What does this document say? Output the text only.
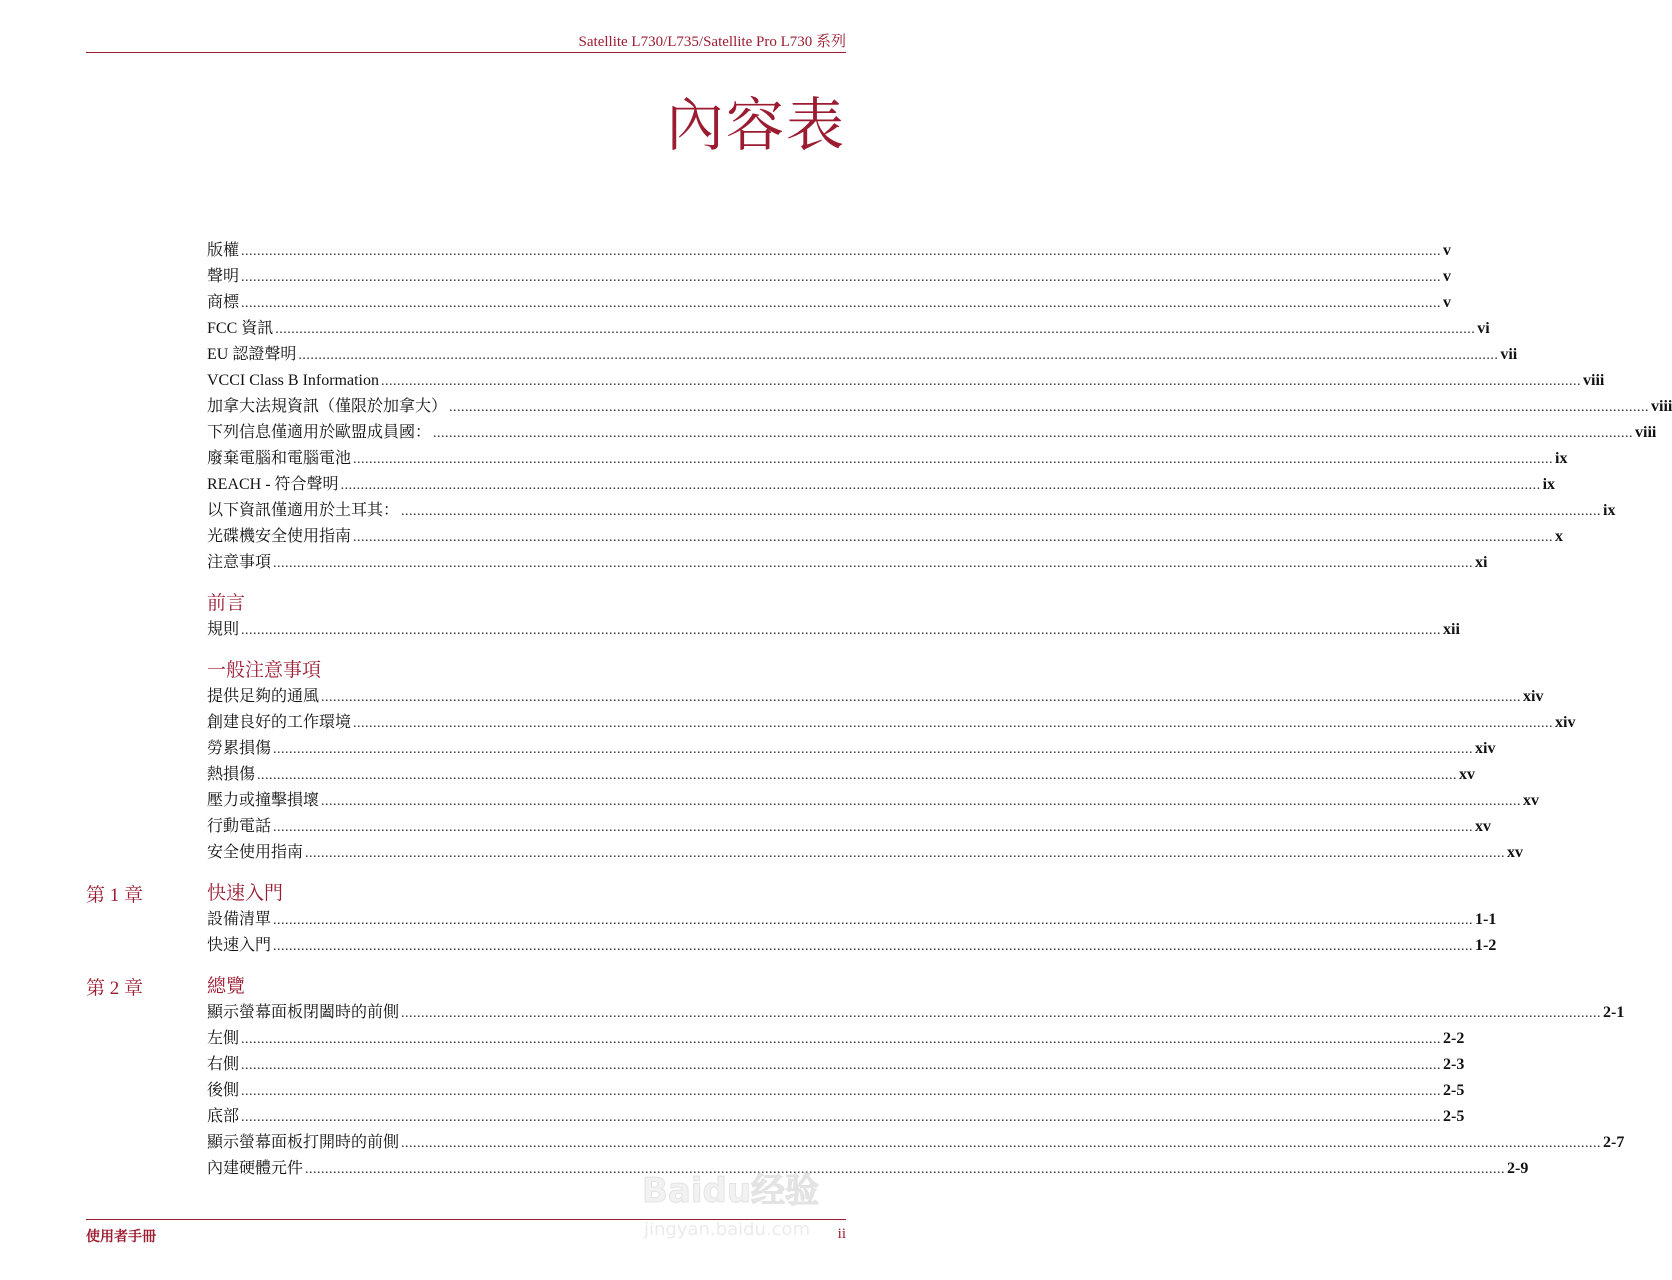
Satellite L730/L735/Satellite Pro L730 系列
內容表
版權 ............................................................................................................................................................................................................................................................................................................ v
聲明 ............................................................................................................................................................................................................................................................................................................ v
商標 ............................................................................................................................................................................................................................................................................................................ v
FCC 資訊 ............................................................................................................................................................................................................................................................................................................ vi
EU 認證聲明 ............................................................................................................................................................................................................................................................................................................ vii
VCCI Class B Information ............................................................................................................................................................................................................................................................................................................ viii
加拿大法規資訊（僅限於加拿大） ............................................................................................................................................................................................................................................................................................................ viii
下列信息僅適用於歐盟成員國： ............................................................................................................................................................................................................................................................................................................ viii
廢棄電腦和電腦電池 ............................................................................................................................................................................................................................................................................................................ ix
REACH - 符合聲明 ............................................................................................................................................................................................................................................................................................................ ix
以下資訊僅適用於土耳其： ............................................................................................................................................................................................................................................................................................................ ix
光碟機安全使用指南 ............................................................................................................................................................................................................................................................................................................ x
注意事項 ............................................................................................................................................................................................................................................................................................................ xi
前言
規則 ............................................................................................................................................................................................................................................................................................................ xii
一般注意事項
提供足夠的通風 ............................................................................................................................................................................................................................................................................................................ xiv
創建良好的工作環境 ............................................................................................................................................................................................................................................................................................................ xiv
勞累損傷 ............................................................................................................................................................................................................................................................................................................ xiv
熱損傷 ............................................................................................................................................................................................................................................................................................................ xv
壓力或撞擊損壞 ............................................................................................................................................................................................................................................................................................................ xv
行動電話 ............................................................................................................................................................................................................................................................................................................ xv
安全使用指南 ............................................................................................................................................................................................................................................................................................................ xv
第 1 章	快速入門
設備清單 ............................................................................................................................................................................................................................................................................................................ 1-1
快速入門 ............................................................................................................................................................................................................................................................................................................ 1-2
第 2 章	總覽
顯示螢幕面板閉闔時的前側 ............................................................................................................................................................................................................................................................................................................ 2-1
左側 ............................................................................................................................................................................................................................................................................................................ 2-2
右側 ............................................................................................................................................................................................................................................................................................................ 2-3
後側 ............................................................................................................................................................................................................................................................................................................ 2-5
底部 ............................................................................................................................................................................................................................................................................................................ 2-5
顯示螢幕面板打開時的前側 ............................................................................................................................................................................................................................................................................................................ 2-7
內建硬體元件 ............................................................................................................................................................................................................................................................................................................ 2-9
使用者手冊	ii
Baidu经验
jingyan.baidu.com
